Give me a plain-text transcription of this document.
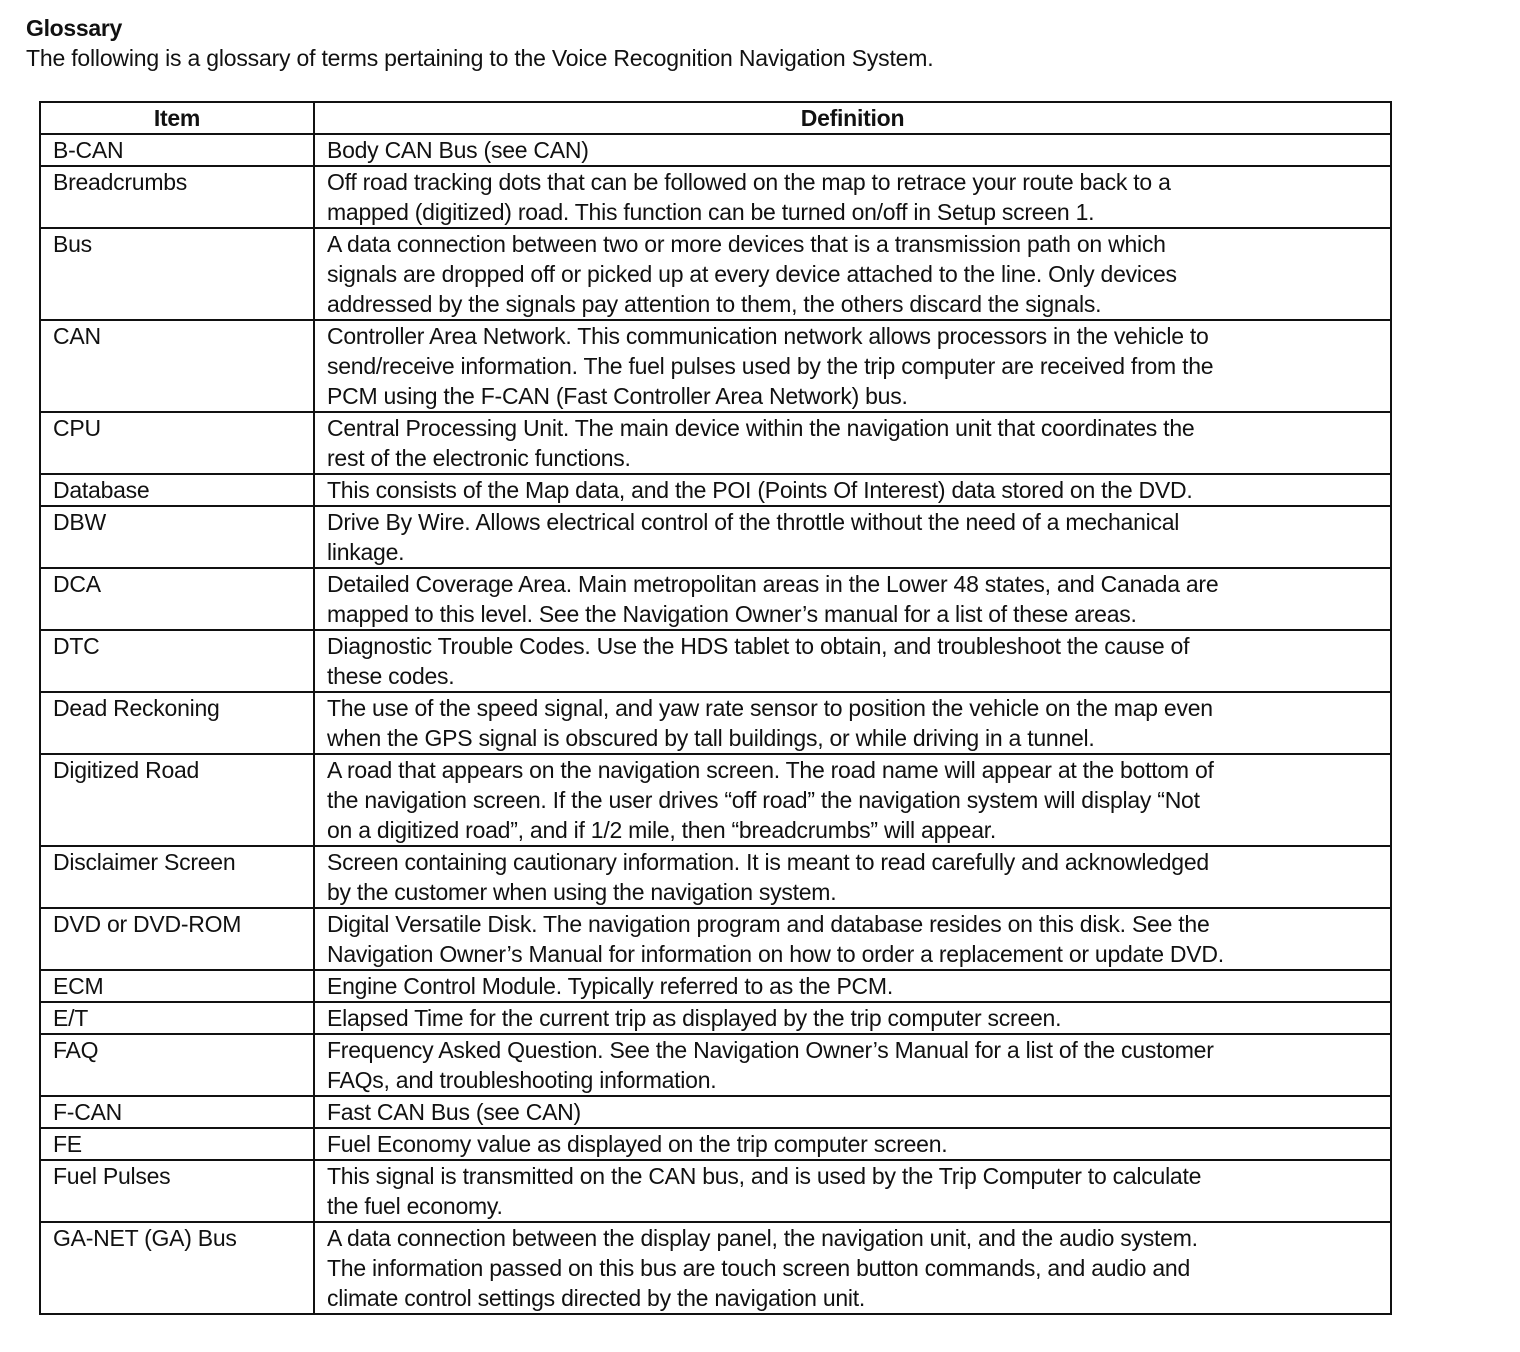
Glossary
The following is a glossary of terms pertaining to the Voice Recognition Navigation System.
Item	Definition
B-CAN	Body CAN Bus (see CAN)

Breadcrumbs	Off road tracking dots that can be followed on the map to retrace your route back to a
mapped (digitized) road. This function can be turned on/off in Setup screen 1.

Bus	A data connection between two or more devices that is a transmission path on which
signals are dropped off or picked up at every device attached to the line. Only devices
addressed by the signals pay attention to them, the others discard the signals.

CAN	Controller Area Network. This communication network allows processors in the vehicle to
send/receive information. The fuel pulses used by the trip computer are received from the
PCM using the F-CAN (Fast Controller Area Network) bus.

CPU	Central Processing Unit. The main device within the navigation unit that coordinates the
rest of the electronic functions.

Database	This consists of the Map data, and the POI (Points Of Interest) data stored on the DVD.

DBW	Drive By Wire. Allows electrical control of the throttle without the need of a mechanical
linkage.

DCA	Detailed Coverage Area. Main metropolitan areas in the Lower 48 states, and Canada are
mapped to this level. See the Navigation Owner’s manual for a list of these areas.

DTC	Diagnostic Trouble Codes. Use the HDS tablet to obtain, and troubleshoot the cause of
these codes.

Dead Reckoning	The use of the speed signal, and yaw rate sensor to position the vehicle on the map even
when the GPS signal is obscured by tall buildings, or while driving in a tunnel.

Digitized Road	A road that appears on the navigation screen. The road name will appear at the bottom of
the navigation screen. If the user drives “off road” the navigation system will display “Not
on a digitized road”, and if 1/2 mile, then “breadcrumbs” will appear.

Disclaimer Screen	Screen containing cautionary information. It is meant to read carefully and acknowledged
by the customer when using the navigation system.

DVD or DVD-ROM	Digital Versatile Disk. The navigation program and database resides on this disk. See the
Navigation Owner’s Manual for information on how to order a replacement or update DVD.

ECM	Engine Control Module. Typically referred to as the PCM.

E/T	Elapsed Time for the current trip as displayed by the trip computer screen.

FAQ	Frequency Asked Question. See the Navigation Owner’s Manual for a list of the customer
FAQs, and troubleshooting information.

F-CAN	Fast CAN Bus (see CAN)

FE	Fuel Economy value as displayed on the trip computer screen.

Fuel Pulses	This signal is transmitted on the CAN bus, and is used by the Trip Computer to calculate
the fuel economy.

GA-NET (GA) Bus	A data connection between the display panel, the navigation unit, and the audio system.
The information passed on this bus are touch screen button commands, and audio and
climate control settings directed by the navigation unit.
